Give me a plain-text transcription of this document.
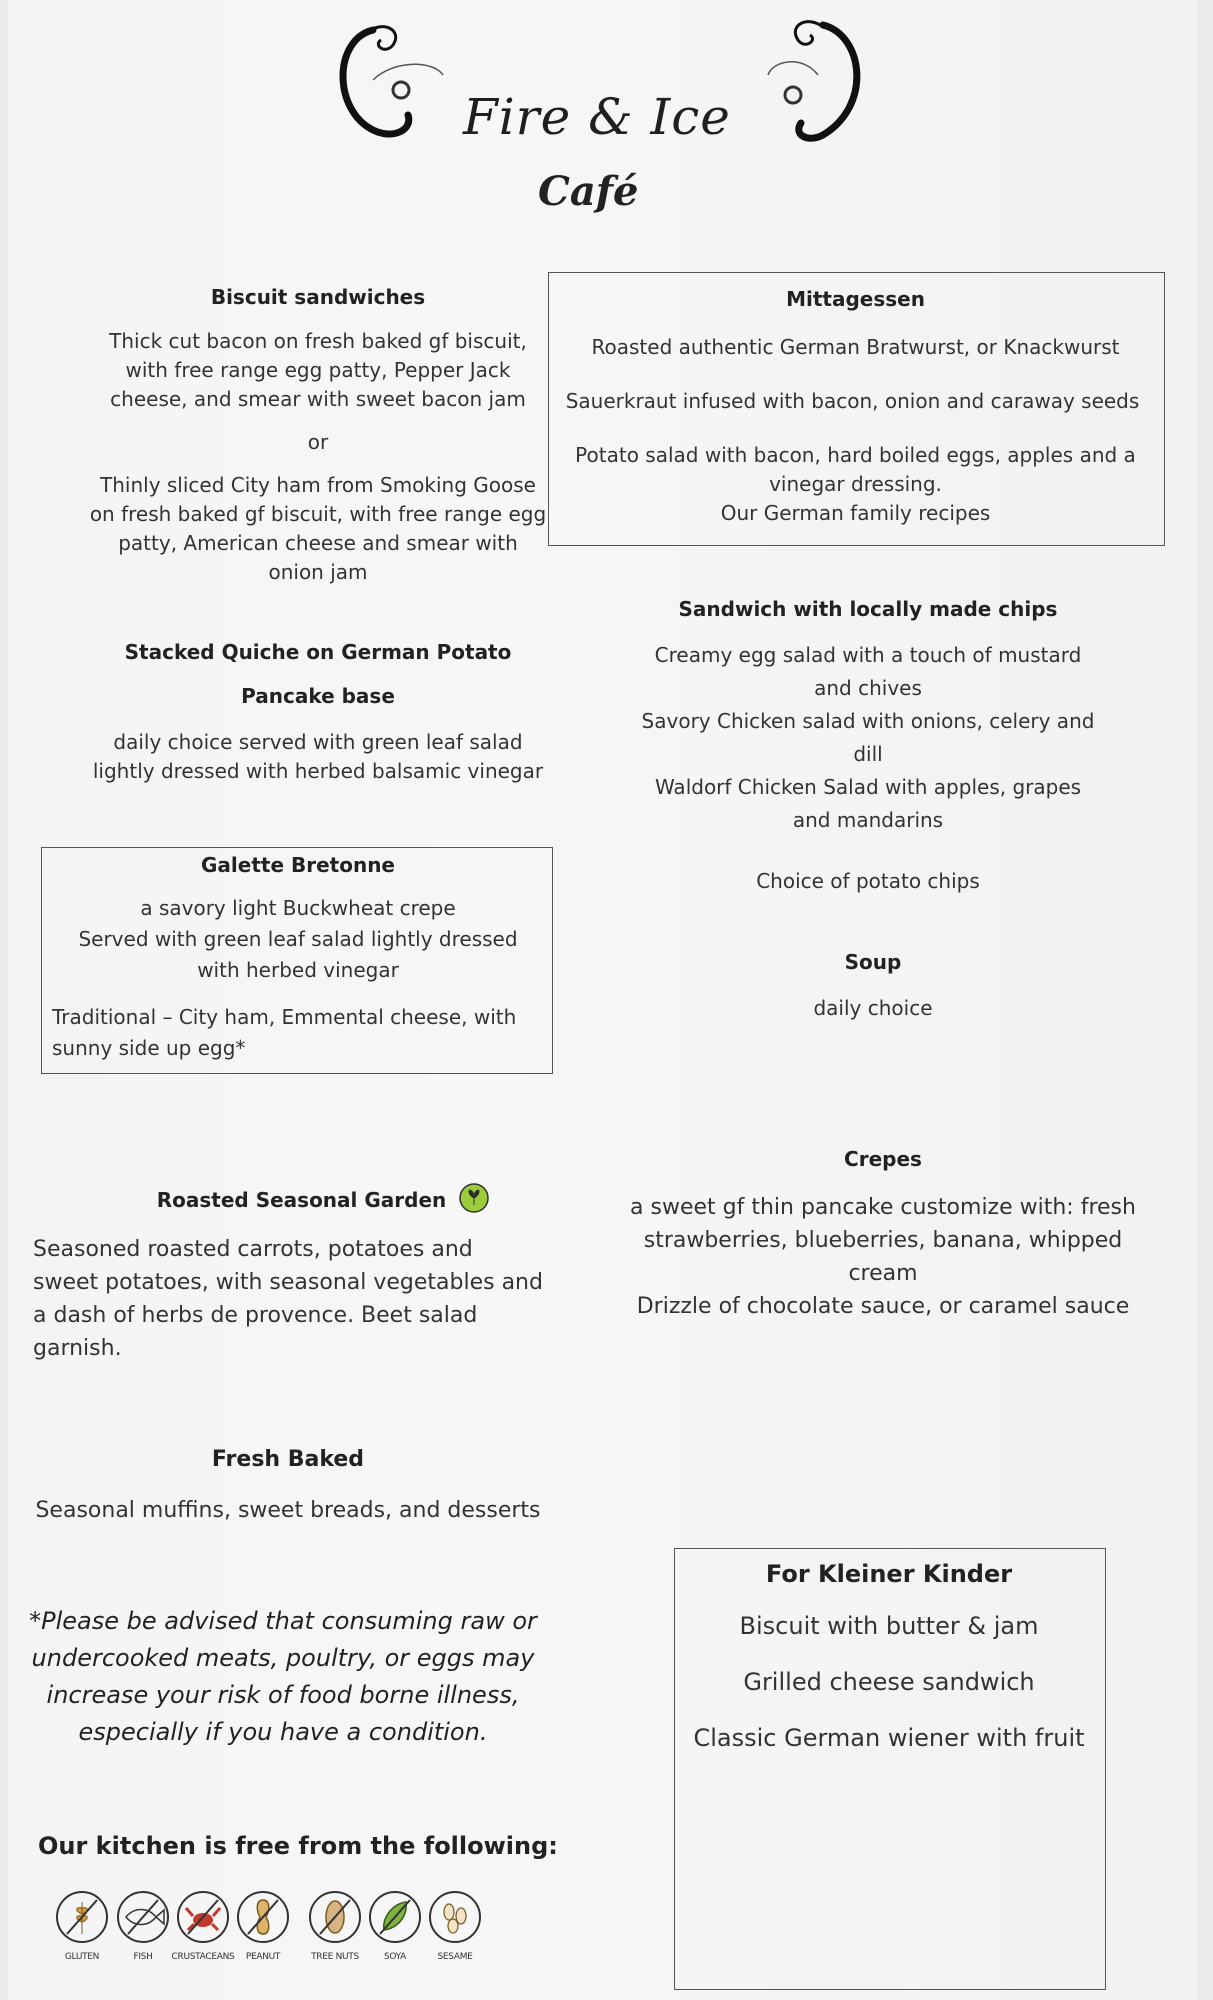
Fire & Ice
Café
Biscuit sandwiches
Thick cut bacon on fresh baked gf biscuit,
with free range egg patty, Pepper Jack
cheese, and smear with sweet bacon jam
or
Thinly sliced City ham from Smoking Goose
on fresh baked gf biscuit, with free range egg
patty, American cheese and smear with
onion jam
Mittagessen
Roasted authentic German Bratwurst, or Knackwurst
Sauerkraut infused with bacon, onion and caraway seeds
Potato salad with bacon, hard boiled eggs, apples and a
vinegar dressing.
Our German family recipes
Stacked Quiche on German Potato
Pancake base
daily choice served with green leaf salad
lightly dressed with herbed balsamic vinegar
Sandwich with locally made chips
Creamy egg salad with a touch of mustard
and chives
Savory Chicken salad with onions, celery and
dill
Waldorf Chicken Salad with apples, grapes
and mandarins
Choice of potato chips
Galette Bretonne
a savory light Buckwheat crepe
Served with green leaf salad lightly dressed
with herbed vinegar
Traditional – City ham, Emmental cheese, with
sunny side up egg*
Soup
daily choice
Roasted Seasonal Garden
Seasoned roasted carrots, potatoes and
sweet potatoes, with seasonal vegetables and
a dash of herbs de provence. Beet salad
garnish.
Crepes
a sweet gf thin pancake customize with: fresh
strawberries, blueberries, banana, whipped
cream
Drizzle of chocolate sauce, or caramel sauce
Fresh Baked
Seasonal muffins, sweet breads, and desserts
*Please be advised that consuming raw or
undercooked meats, poultry, or eggs may
increase your risk of food borne illness,
especially if you have a condition.
For Kleiner Kinder
Biscuit with butter & jam
Grilled cheese sandwich
Classic German wiener with fruit
Our kitchen is free from the following:
GLUTEN	FISH	CRUSTACEANS	PEANUT	TREE NUTS	SOYA	SESAME
